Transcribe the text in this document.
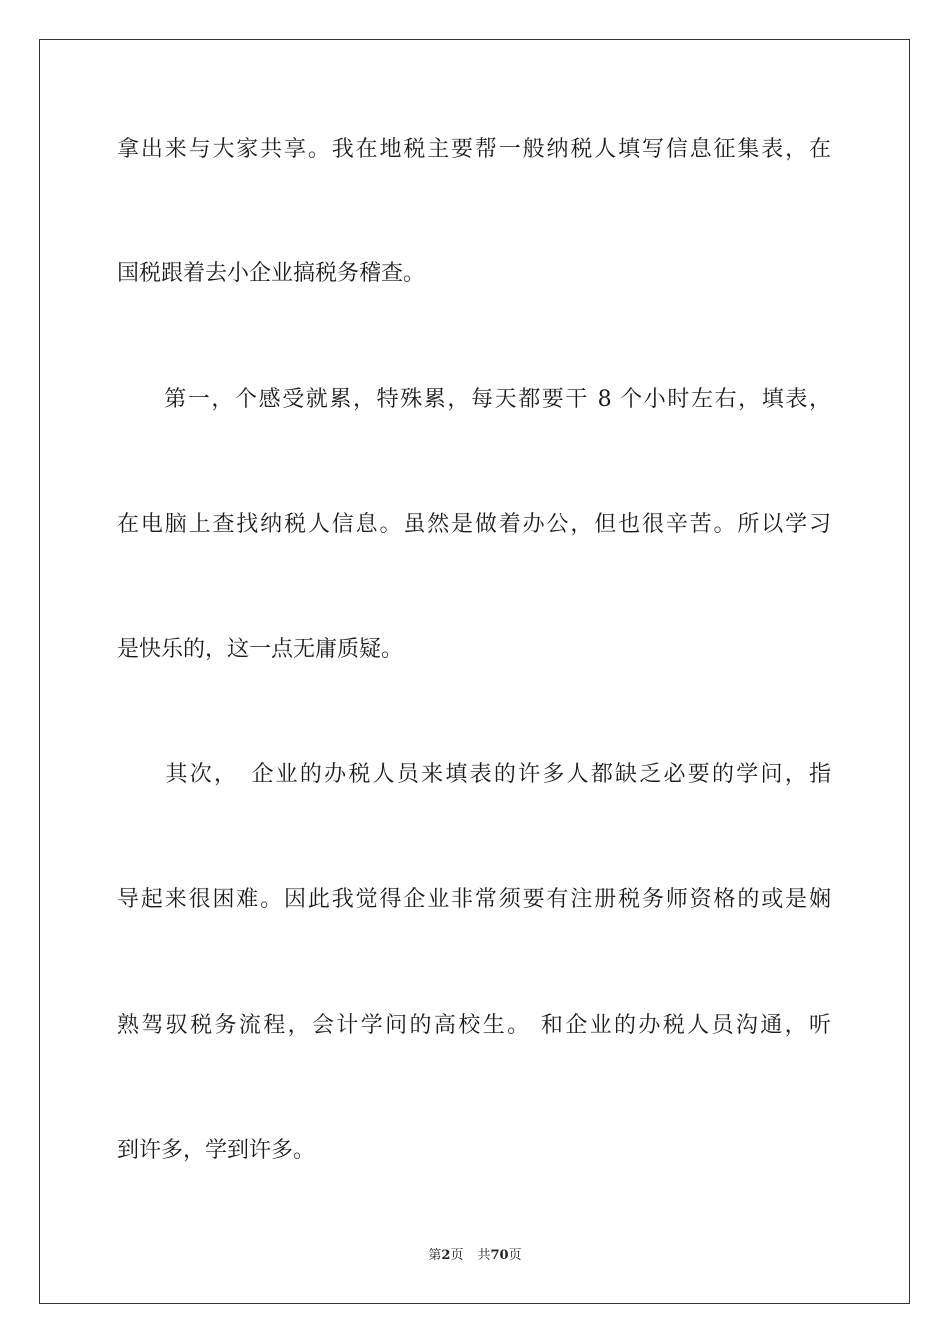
拿出来与大家共享。我在地税主要帮一般纳税人填写信息征集表，在
国税跟着去小企业搞税务稽查。
　　第一，个感受就累，特殊累，每天都要干 8 个小时左右，填表，
在电脑上查找纳税人信息。虽然是做着办公，但也很辛苦。所以学习
是快乐的，这一点无庸质疑。
　　其次，　企业的办税人员来填表的许多人都缺乏必要的学问，指
导起来很困难。因此我觉得企业非常须要有注册税务师资格的或是娴
熟驾驭税务流程，会计学问的高校生。 和企业的办税人员沟通，听
到许多，学到许多。
第2页 共70页
